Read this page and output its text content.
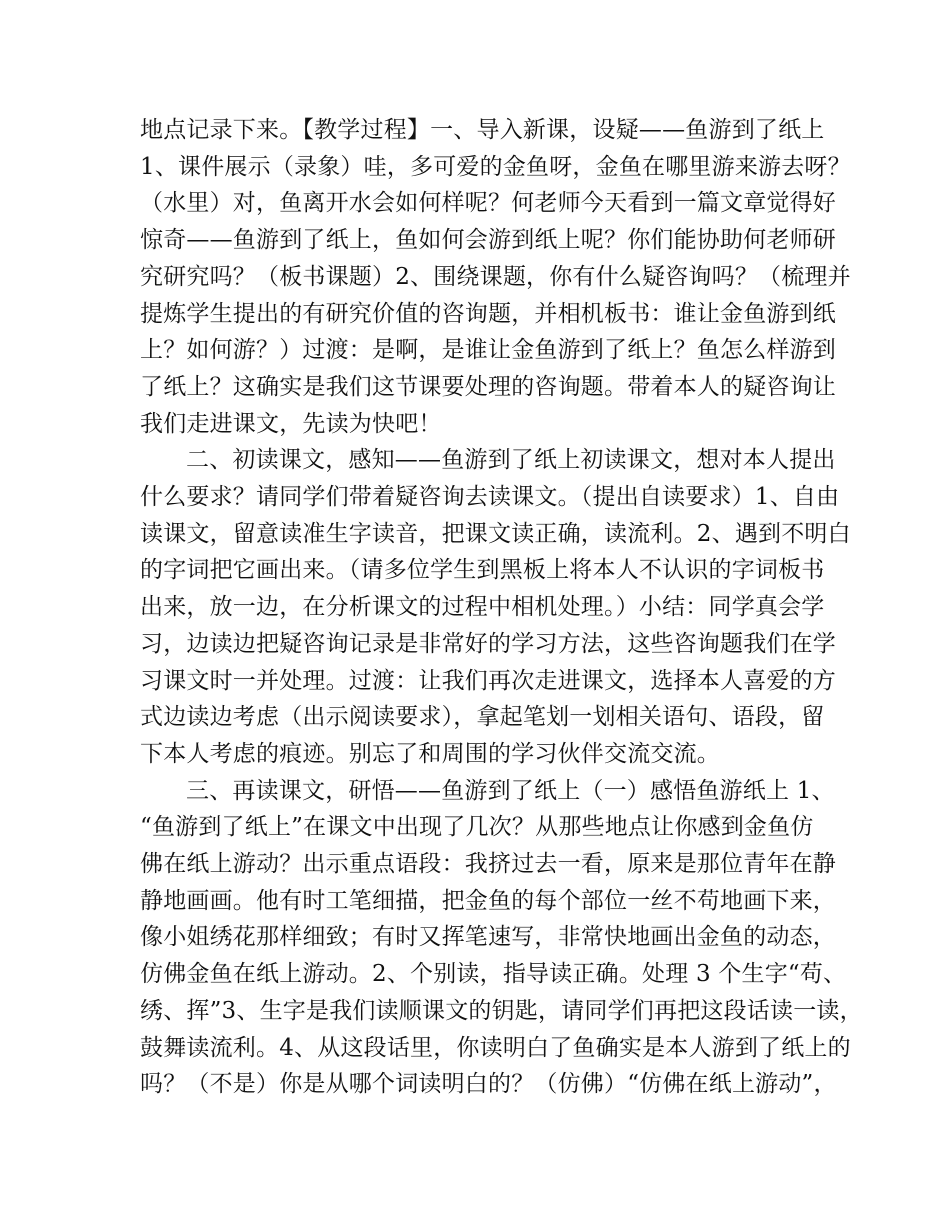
地点记录下来。【教学过程】一、导入新课，设疑——鱼游到了纸上
1、课件展示（录象）哇，多可爱的金鱼呀，金鱼在哪里游来游去呀？
（水里）对，鱼离开水会如何样呢？何老师今天看到一篇文章觉得好
惊奇——鱼游到了纸上，鱼如何会游到纸上呢？你们能协助何老师研
究研究吗？（板书课题）2、围绕课题，你有什么疑咨询吗？（梳理并
提炼学生提出的有研究价值的咨询题，并相机板书：谁让金鱼游到纸
上？如何游？）过渡：是啊，是谁让金鱼游到了纸上？鱼怎么样游到
了纸上？这确实是我们这节课要处理的咨询题。带着本人的疑咨询让
我们走进课文，先读为快吧！
二、初读课文，感知——鱼游到了纸上初读课文，想对本人提出
什么要求？请同学们带着疑咨询去读课文。（提出自读要求）1、自由
读课文，留意读准生字读音，把课文读正确，读流利。2、遇到不明白
的字词把它画出来。（请多位学生到黑板上将本人不认识的字词板书
出来，放一边，在分析课文的过程中相机处理。）小结：同学真会学
习，边读边把疑咨询记录是非常好的学习方法，这些咨询题我们在学
习课文时一并处理。过渡：让我们再次走进课文，选择本人喜爱的方
式边读边考虑（出示阅读要求），拿起笔划一划相关语句、语段，留
下本人考虑的痕迹。别忘了和周围的学习伙伴交流交流。
三、再读课文，研悟——鱼游到了纸上（一）感悟鱼游纸上 1、
“鱼游到了纸上”在课文中出现了几次？从那些地点让你感到金鱼仿
佛在纸上游动？出示重点语段：我挤过去一看，原来是那位青年在静
静地画画。他有时工笔细描，把金鱼的每个部位一丝不苟地画下来，
像小姐绣花那样细致；有时又挥笔速写，非常快地画出金鱼的动态，
仿佛金鱼在纸上游动。2、个别读，指导读正确。处理 3 个生字“苟、
绣、挥”3、生字是我们读顺课文的钥匙，请同学们再把这段话读一读，
鼓舞读流利。4、从这段话里，你读明白了鱼确实是本人游到了纸上的
吗？（不是）你是从哪个词读明白的？（仿佛）“仿佛在纸上游动”，
